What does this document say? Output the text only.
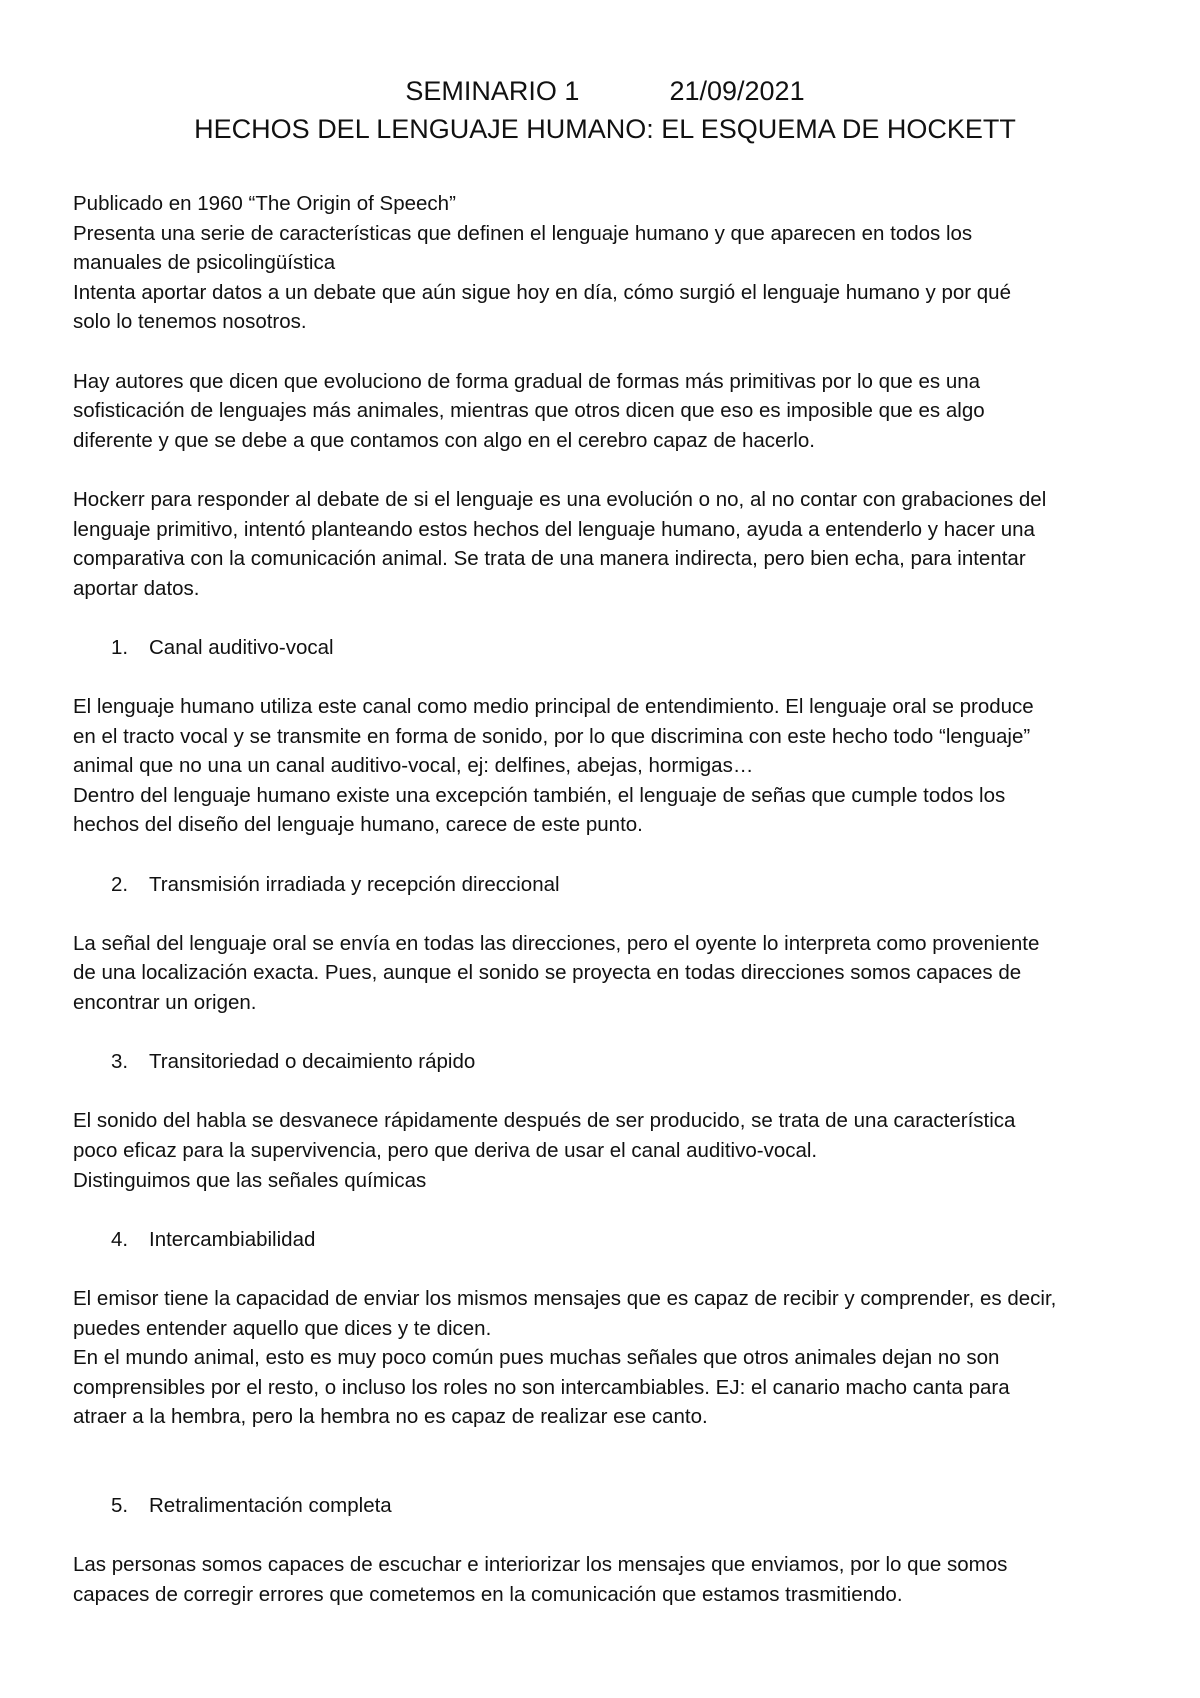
SEMINARIO 1	21/09/2021
HECHOS DEL LENGUAJE HUMANO: EL ESQUEMA DE HOCKETT

Publicado en 1960 “The Origin of Speech”

Presenta una serie de características que definen el lenguaje humano y que aparecen en todos los

manuales de psicolingüística

Intenta aportar datos a un debate que aún sigue hoy en día, cómo surgió el lenguaje humano y por qué

solo lo tenemos nosotros.

Hay autores que dicen que evoluciono de forma gradual de formas más primitivas por lo que es una

sofisticación de lenguajes más animales, mientras que otros dicen que eso es imposible que es algo

diferente y que se debe a que contamos con algo en el cerebro capaz de hacerlo.

Hockerr para responder al debate de si el lenguaje es una evolución o no, al no contar con grabaciones del

lenguaje primitivo, intentó planteando estos hechos del lenguaje humano, ayuda a entenderlo y hacer una

comparativa con la comunicación animal. Se trata de una manera indirecta, pero bien echa, para intentar

aportar datos.

1.	Canal auditivo-vocal

El lenguaje humano utiliza este canal como medio principal de entendimiento. El lenguaje oral se produce

en el tracto vocal y se transmite en forma de sonido, por lo que discrimina con este hecho todo “lenguaje”

animal que no una un canal auditivo-vocal, ej: delfines, abejas, hormigas…

Dentro del lenguaje humano existe una excepción también, el lenguaje de señas que cumple todos los

hechos del diseño del lenguaje humano, carece de este punto.

2.	Transmisión irradiada y recepción direccional

La señal del lenguaje oral se envía en todas las direcciones, pero el oyente lo interpreta como proveniente

de una localización exacta. Pues, aunque el sonido se proyecta en todas direcciones somos capaces de

encontrar un origen.

3.	Transitoriedad o decaimiento rápido

El sonido del habla se desvanece rápidamente después de ser producido, se trata de una característica

poco eficaz para la supervivencia, pero que deriva de usar el canal auditivo-vocal.

Distinguimos que las señales químicas

4.	Intercambiabilidad

El emisor tiene la capacidad de enviar los mismos mensajes que es capaz de recibir y comprender, es decir,

puedes entender aquello que dices y te dicen.

En el mundo animal, esto es muy poco común pues muchas señales que otros animales dejan no son

comprensibles por el resto, o incluso los roles no son intercambiables. EJ: el canario macho canta para

atraer a la hembra, pero la hembra no es capaz de realizar ese canto.

5.	Retralimentación completa

Las personas somos capaces de escuchar e interiorizar los mensajes que enviamos, por lo que somos

capaces de corregir errores que cometemos en la comunicación que estamos trasmitiendo.
